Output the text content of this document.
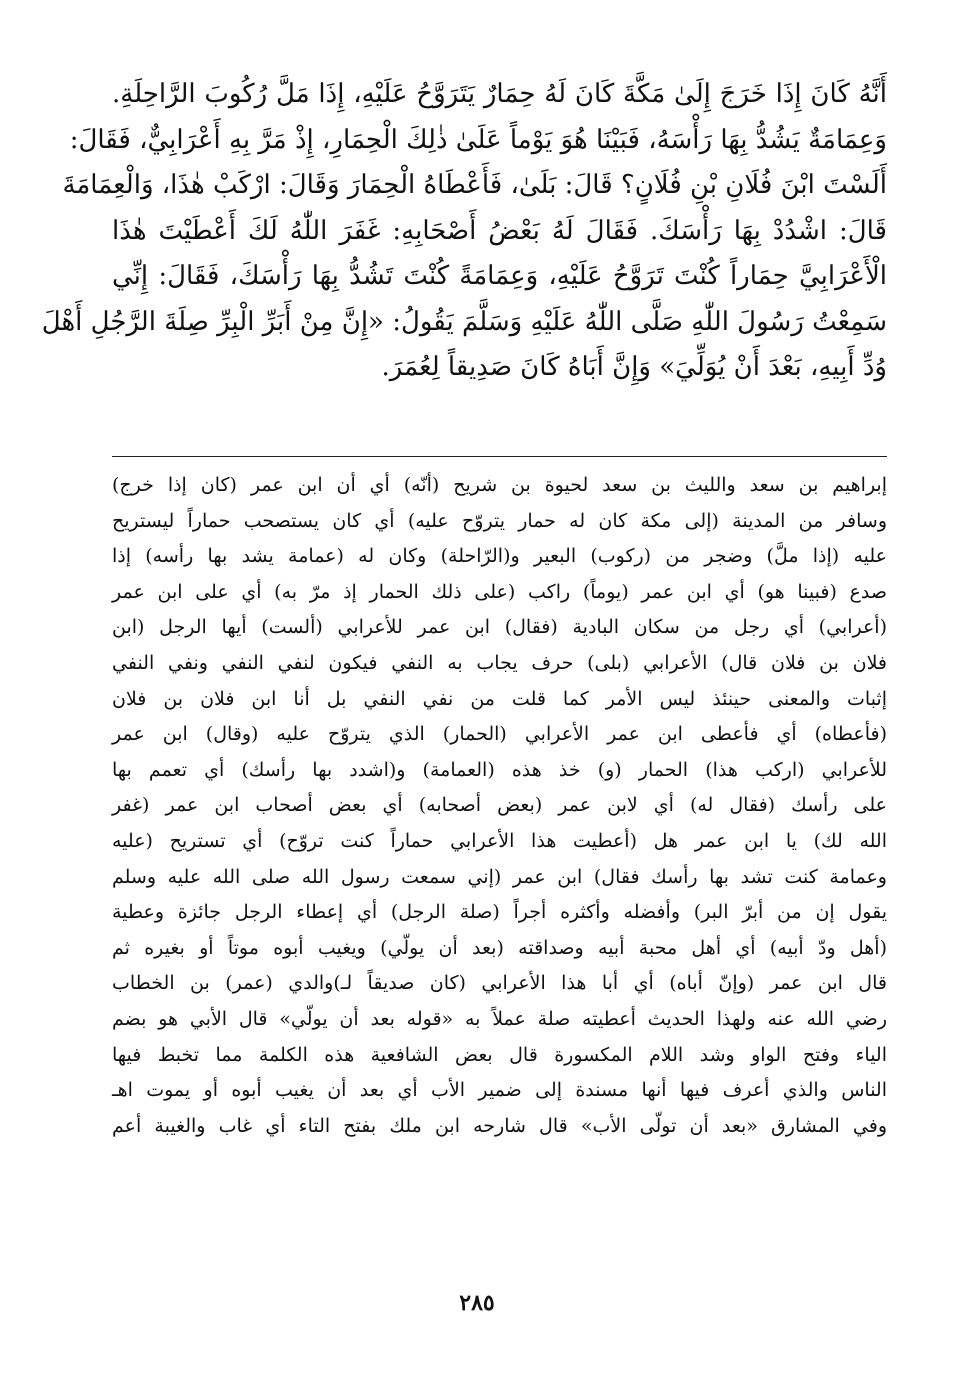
أَنَّهُ كَانَ إِذَا خَرَجَ إِلَىٰ مَكَّةَ كَانَ لَهُ حِمَارٌ يَتَرَوَّحُ عَلَيْهِ، إِذَا مَلَّ رُكُوبَ الرَّاحِلَةِ.
وَعِمَامَةٌ يَشُدُّ بِهَا رَأْسَهُ، فَبَيْنَا هُوَ يَوْماً عَلَىٰ ذٰلِكَ الْحِمَارِ، إِذْ مَرَّ بِهِ أَعْرَابِيٌّ، فَقَالَ:
أَلَسْتَ ابْنَ فُلَانِ بْنِ فُلَانٍ؟ قَالَ: بَلَىٰ، فَأَعْطَاهُ الْحِمَارَ وَقَالَ: ارْكَبْ هٰذَا، وَالْعِمَامَةَ
قَالَ: اشْدُدْ بِهَا رَأْسَكَ. فَقَالَ لَهُ بَعْضُ أَصْحَابِهِ: غَفَرَ اللّٰهُ لَكَ أَعْطَيْتَ هٰذَا
الْأَعْرَابِيَّ حِمَاراً كُنْتَ تَرَوَّحُ عَلَيْهِ، وَعِمَامَةً كُنْتَ تَشُدُّ بِهَا رَأْسَكَ، فَقَالَ: إِنِّي
سَمِعْتُ رَسُولَ اللّٰهِ صَلَّى اللّٰهُ عَلَيْهِ وَسَلَّمَ يَقُولُ: «إِنَّ مِنْ أَبَرِّ الْبِرِّ صِلَةَ الرَّجُلِ أَهْلَ
وُدِّ أَبِيهِ، بَعْدَ أَنْ يُوَلِّيَ» وَإِنَّ أَبَاهُ كَانَ صَدِيقاً لِعُمَرَ.
إبراهيم بن سعد والليث بن سعد لحيوة بن شريح (أنّه) أي أن ابن عمر (كان إذا خرج)
وسافر من المدينة (إلى مكة كان له حمار يتروّح عليه) أي كان يستصحب حماراً ليستريح
عليه (إذا ملَّ) وضجر من (ركوب) البعير و(الرّاحلة) وكان له (عمامة يشد بها رأسه) إذا
صدع (فبينا هو) أي ابن عمر (يوماً) راكب (على ذلك الحمار إذ مرّ به) أي على ابن عمر
(أعرابي) أي رجل من سكان البادية (فقال) ابن عمر للأعرابي (ألست) أيها الرجل (ابن
فلان بن فلان قال) الأعرابي (بلى) حرف يجاب به النفي فيكون لنفي النفي ونفي النفي
إثبات والمعنى حينئذ ليس الأمر كما قلت من نفي النفي بل أنا ابن فلان بن فلان
(فأعطاه) أي فأعطى ابن عمر الأعرابي (الحمار) الذي يتروّح عليه (وقال) ابن عمر
للأعرابي (اركب هذا) الحمار (و) خذ هذه (العمامة) و(اشدد بها رأسك) أي تعمم بها
على رأسك (فقال له) أي لابن عمر (بعض أصحابه) أي بعض أصحاب ابن عمر (غفر
الله لك) يا ابن عمر هل (أعطيت هذا الأعرابي حماراً كنت تروّح) أي تستريح (عليه
وعمامة كنت تشد بها رأسك فقال) ابن عمر (إني سمعت رسول الله صلى الله عليه وسلم
يقول إن من أبرّ البر) وأفضله وأكثره أجراً (صلة الرجل) أي إعطاء الرجل جائزة وعطية
(أهل ودّ أبيه) أي أهل محبة أبيه وصداقته (بعد أن يولّي) ويغيب أبوه موتاً أو بغيره ثم
قال ابن عمر (وإنّ أباه) أي أبا هذا الأعرابي (كان صديقاً لـ)والدي (عمر) بن الخطاب
رضي الله عنه ولهذا الحديث أعطيته صلة عملاً به «قوله بعد أن يولّي» قال الأبي هو بضم
الياء وفتح الواو وشد اللام المكسورة قال بعض الشافعية هذه الكلمة مما تخبط فيها
الناس والذي أعرف فيها أنها مسندة إلى ضمير الأب أي بعد أن يغيب أبوه أو يموت اهـ
وفي المشارق «بعد أن تولّى الأب» قال شارحه ابن ملك بفتح التاء أي غاب والغيبة أعم
٢٨٥
